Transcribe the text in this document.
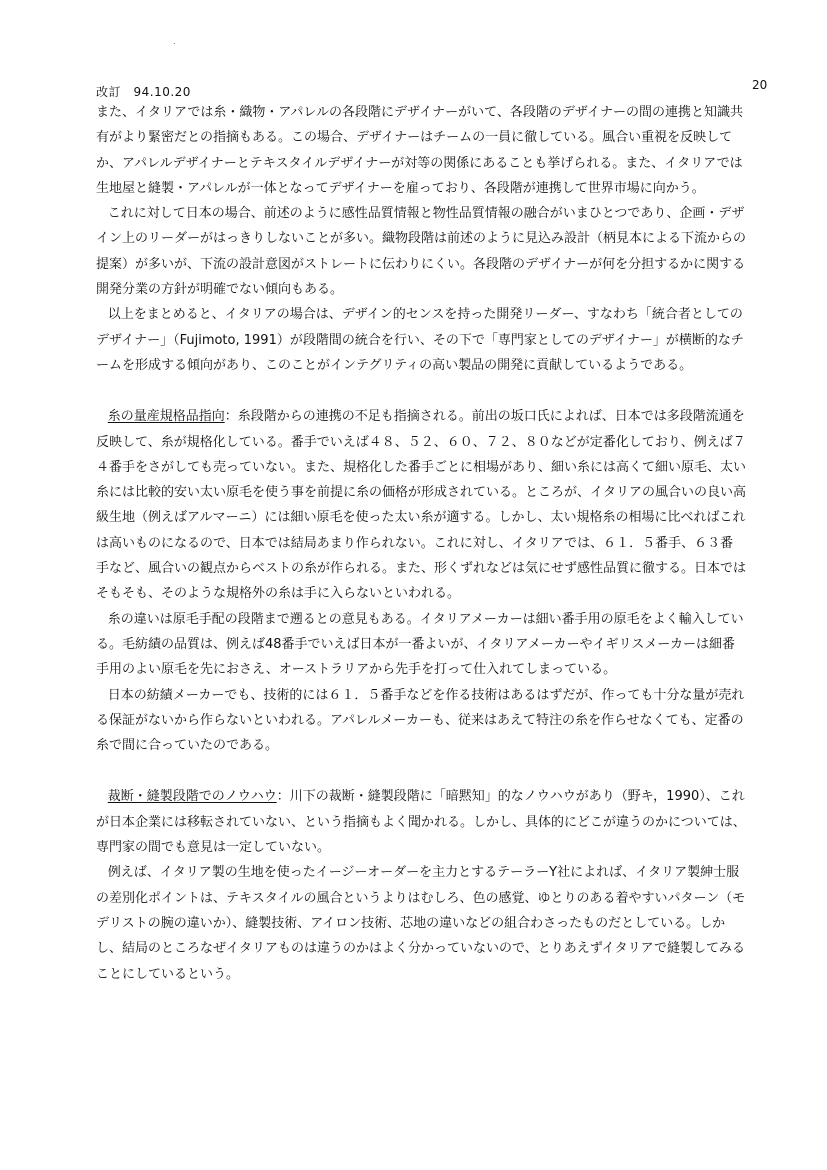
.
改訂　94.10.20	20

また、イタリアでは糸・織物・アパレルの各段階にデザイナーがいて、各段階のデザイナーの間の連携と知識共有がより緊密だとの指摘もある。この場合、デザイナーはチームの一員に徹している。風合い重視を反映してか、アパレルデザイナーとテキスタイルデザイナーが対等の関係にあることも挙げられる。また、イタリアでは生地屋と縫製・アパレルが一体となってデザイナーを雇っており、各段階が連携して世界市場に向かう。

これに対して日本の場合、前述のように感性品質情報と物性品質情報の融合がいまひとつであり、企画・デザイン上のリーダーがはっきりしないことが多い。織物段階は前述のように見込み設計（柄見本による下流からの提案）が多いが、下流の設計意図がストレートに伝わりにくい。各段階のデザイナーが何を分担するかに関する開発分業の方針が明確でない傾向もある。

以上をまとめると、イタリアの場合は、デザイン的センスを持った開発リーダー、すなわち「統合者としてのデザイナー」（Fujimoto, 1991）が段階間の統合を行い、その下で「専門家としてのデザイナー」が横断的なチームを形成する傾向があり、このことがインテグリティの高い製品の開発に貢献しているようである。

糸の量産規格品指向：糸段階からの連携の不足も指摘される。前出の坂口氏によれば、日本では多段階流通を反映して、糸が規格化している。番手でいえば４８、５２、６０、７２、８０などが定番化しており、例えば７４番手をさがしても売っていない。また、規格化した番手ごとに相場があり、細い糸には高くて細い原毛、太い糸には比較的安い太い原毛を使う事を前提に糸の価格が形成されている。ところが、イタリアの風合いの良い高級生地（例えばアルマーニ）には細い原毛を使った太い糸が適する。しかし、太い規格糸の相場に比べればこれは高いものになるので、日本では結局あまり作られない。これに対し、イタリアでは、６１．５番手、６３番手など、風合いの観点からベストの糸が作られる。また、形くずれなどは気にせず感性品質に徹する。日本ではそもそも、そのような規格外の糸は手に入らないといわれる。

糸の違いは原毛手配の段階まで遡るとの意見もある。イタリアメーカーは細い番手用の原毛をよく輸入している。毛紡績の品質は、例えば48番手でいえば日本が一番よいが、イタリアメーカーやイギリスメーカーは細番手用のよい原毛を先におさえ、オーストラリアから先手を打って仕入れてしまっている。

日本の紡績メーカーでも、技術的には６１．５番手などを作る技術はあるはずだが、作っても十分な量が売れる保証がないから作らないといわれる。アパレルメーカーも、従来はあえて特注の糸を作らせなくても、定番の糸で間に合っていたのである。

裁断・縫製段階でのノウハウ：川下の裁断・縫製段階に「暗黙知」的なノウハウがあり（野キ，1990）、これが日本企業には移転されていない、という指摘もよく聞かれる。しかし、具体的にどこが違うのかについては、専門家の間でも意見は一定していない。

例えば、イタリア製の生地を使ったイージーオーダーを主力とするテーラーY社によれば、イタリア製紳士服の差別化ポイントは、テキスタイルの風合というよりはむしろ、色の感覚、ゆとりのある着やすいパターン（モデリストの腕の違いか）、縫製技術、アイロン技術、芯地の違いなどの組合わさったものだとしている。しかし、結局のところなぜイタリアものは違うのかはよく分かっていないので、とりあえずイタリアで縫製してみることにしているという。
